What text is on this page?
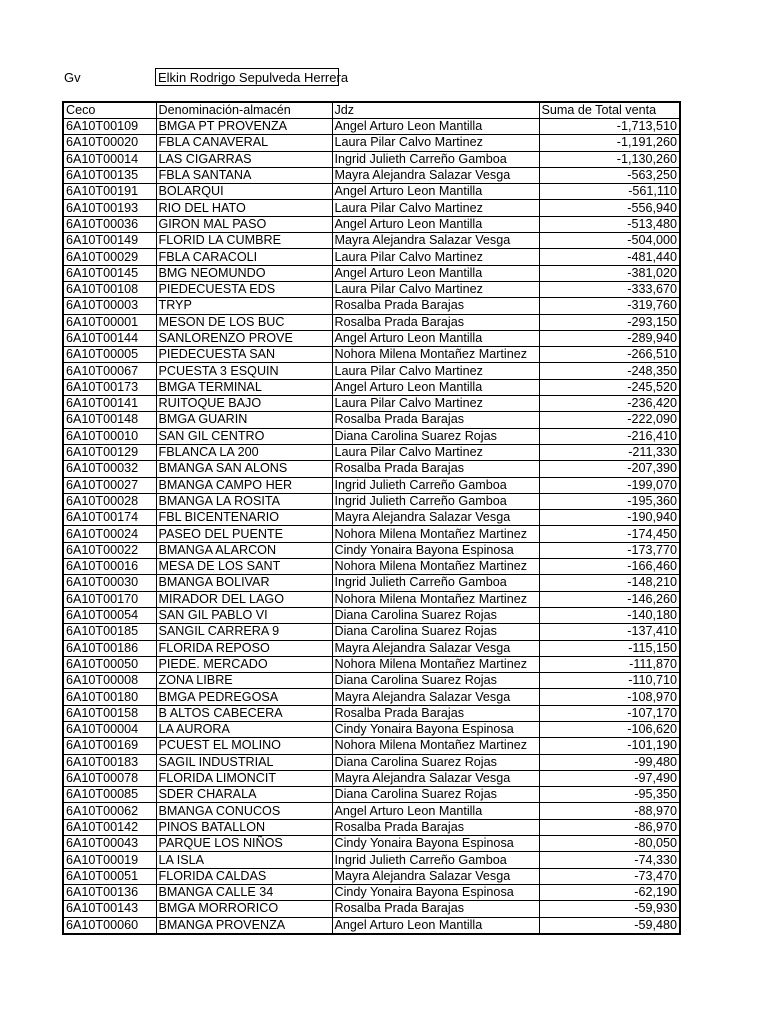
Gv	Elkin Rodrigo Sepulveda Herrera
Ceco	Denominación-almacén	Jdz	Suma de Total venta
6A10T00109	BMGA PT PROVENZA	Angel Arturo Leon Mantilla	-1,713,510
6A10T00020	FBLA CANAVERAL	Laura Pilar Calvo Martinez	-1,191,260
6A10T00014	LAS CIGARRAS	Ingrid Julieth Carreño Gamboa	-1,130,260
6A10T00135	FBLA SANTANA	Mayra Alejandra Salazar Vesga	-563,250
6A10T00191	BOLARQUI	Angel Arturo Leon Mantilla	-561,110
6A10T00193	RIO DEL HATO	Laura Pilar Calvo Martinez	-556,940
6A10T00036	GIRON MAL PASO	Angel Arturo Leon Mantilla	-513,480
6A10T00149	FLORID LA CUMBRE	Mayra Alejandra Salazar Vesga	-504,000
6A10T00029	FBLA CARACOLI	Laura Pilar Calvo Martinez	-481,440
6A10T00145	BMG NEOMUNDO	Angel Arturo Leon Mantilla	-381,020
6A10T00108	PIEDECUESTA EDS	Laura Pilar Calvo Martinez	-333,670
6A10T00003	TRYP	Rosalba Prada Barajas	-319,760
6A10T00001	MESON DE LOS BUC	Rosalba Prada Barajas	-293,150
6A10T00144	SANLORENZO PROVE	Angel Arturo Leon Mantilla	-289,940
6A10T00005	PIEDECUESTA SAN	Nohora Milena Montañez Martinez	-266,510
6A10T00067	PCUESTA 3 ESQUIN	Laura Pilar Calvo Martinez	-248,350
6A10T00173	BMGA TERMINAL	Angel Arturo Leon Mantilla	-245,520
6A10T00141	RUITOQUE BAJO	Laura Pilar Calvo Martinez	-236,420
6A10T00148	BMGA GUARIN	Rosalba Prada Barajas	-222,090
6A10T00010	SAN GIL CENTRO	Diana Carolina Suarez Rojas	-216,410
6A10T00129	FBLANCA LA 200	Laura Pilar Calvo Martinez	-211,330
6A10T00032	BMANGA SAN ALONS	Rosalba Prada Barajas	-207,390
6A10T00027	BMANGA CAMPO HER	Ingrid Julieth Carreño Gamboa	-199,070
6A10T00028	BMANGA LA ROSITA	Ingrid Julieth Carreño Gamboa	-195,360
6A10T00174	FBL BICENTENARIO	Mayra Alejandra Salazar Vesga	-190,940
6A10T00024	PASEO DEL PUENTE	Nohora Milena Montañez Martinez	-174,450
6A10T00022	BMANGA ALARCON	Cindy Yonaira Bayona Espinosa	-173,770
6A10T00016	MESA DE LOS SANT	Nohora Milena Montañez Martinez	-166,460
6A10T00030	BMANGA BOLIVAR	Ingrid Julieth Carreño Gamboa	-148,210
6A10T00170	MIRADOR DEL LAGO	Nohora Milena Montañez Martinez	-146,260
6A10T00054	SAN GIL PABLO VI	Diana Carolina Suarez Rojas	-140,180
6A10T00185	SANGIL CARRERA 9	Diana Carolina Suarez Rojas	-137,410
6A10T00186	FLORIDA REPOSO	Mayra Alejandra Salazar Vesga	-115,150
6A10T00050	PIEDE. MERCADO	Nohora Milena Montañez Martinez	-111,870
6A10T00008	ZONA LIBRE	Diana Carolina Suarez Rojas	-110,710
6A10T00180	BMGA PEDREGOSA	Mayra Alejandra Salazar Vesga	-108,970
6A10T00158	B ALTOS CABECERA	Rosalba Prada Barajas	-107,170
6A10T00004	LA AURORA	Cindy Yonaira Bayona Espinosa	-106,620
6A10T00169	PCUEST EL MOLINO	Nohora Milena Montañez Martinez	-101,190
6A10T00183	SAGIL INDUSTRIAL	Diana Carolina Suarez Rojas	-99,480
6A10T00078	FLORIDA LIMONCIT	Mayra Alejandra Salazar Vesga	-97,490
6A10T00085	SDER CHARALA	Diana Carolina Suarez Rojas	-95,350
6A10T00062	BMANGA CONUCOS	Angel Arturo Leon Mantilla	-88,970
6A10T00142	PINOS BATALLON	Rosalba Prada Barajas	-86,970
6A10T00043	PARQUE LOS NIÑOS	Cindy Yonaira Bayona Espinosa	-80,050
6A10T00019	LA ISLA	Ingrid Julieth Carreño Gamboa	-74,330
6A10T00051	FLORIDA CALDAS	Mayra Alejandra Salazar Vesga	-73,470
6A10T00136	BMANGA CALLE 34	Cindy Yonaira Bayona Espinosa	-62,190
6A10T00143	BMGA MORRORICO	Rosalba Prada Barajas	-59,930
6A10T00060	BMANGA PROVENZA	Angel Arturo Leon Mantilla	-59,480
